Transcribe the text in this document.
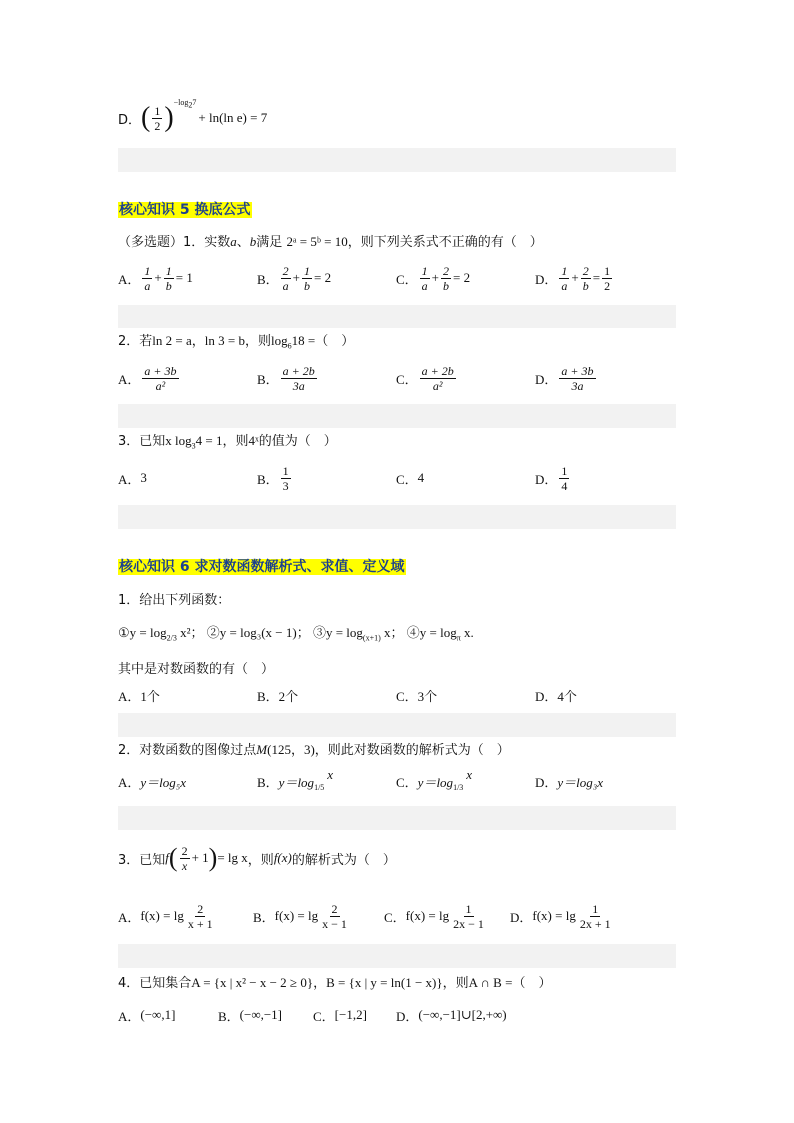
D． ( $\frac{1}{2}$ ) $-\log_27$
+ ln(ln e) = 7
核心知识 5 换底公式
（多选题）1．实数a、b满足 2ᵃ = 5ᵇ = 10，则下列关系式不正确的有（　）
A． $\frac{1}{a} + \frac{1}{b} = 1$	B． $\frac{2}{a} + \frac{1}{b} = 2$	C． $\frac{1}{a} + \frac{2}{b} = 2$	D． $\frac{1}{a} + \frac{2}{b} = \frac{1}{2}$
2．若ln 2 = a，ln 3 = b，则$\log_618$ =（　）
A． $\frac{a + 3b}{\text{a²}}$	B． $\frac{a + 2b}{3a}$	C． $\frac{a + 2b}{\text{a²}}$	D． $\frac{a + 3b}{3a}$
3．已知x $\log_34 = 1$，则4ˣ的值为（　）
A． 3	B． $\frac{1}{3}$	C． 4	D． $\frac{1}{4}$
核心知识 6 求对数函数解析式、求值、定义域
1．给出下列函数：
①y = $\log_{2/3} x^2$； ②y = log₃(x − 1)； ③y = $\log_{(x+1)} x$； ④y = $\log_\pi x$.
其中是对数函数的有（　）
A． 1个	B． 2个	C． 3个	D． 4个
2．对数函数的图像过点M(125，3)，则此对数函数的解析式为（　）
A． y＝log₅x	B． y＝log 1/5
x	C． y＝log 1/3
x	D． y＝log₃x
3．已知 f ( $\frac{2}{x} + 1$ ) = lg x ，则 f(x) 的解析式为（　）
A． $f(x) = \lg \frac{2}{x + 1}$	B． $f(x) = \lg \frac{2}{x - 1}$	C． $f(x) = \lg \frac{1}{2x - 1}$ D． $f(x) = \lg \frac{1}{2x + 1}$
4．已知集合A = {x | x² − x − 2 ≥ 0}，B = {x | y = ln(1 − x)}，则A ∩ B =（　）
A． (−∞,1]	B． (−∞,−1] C． [−1,2] D． (−∞,−1]∪[2,+∞)
